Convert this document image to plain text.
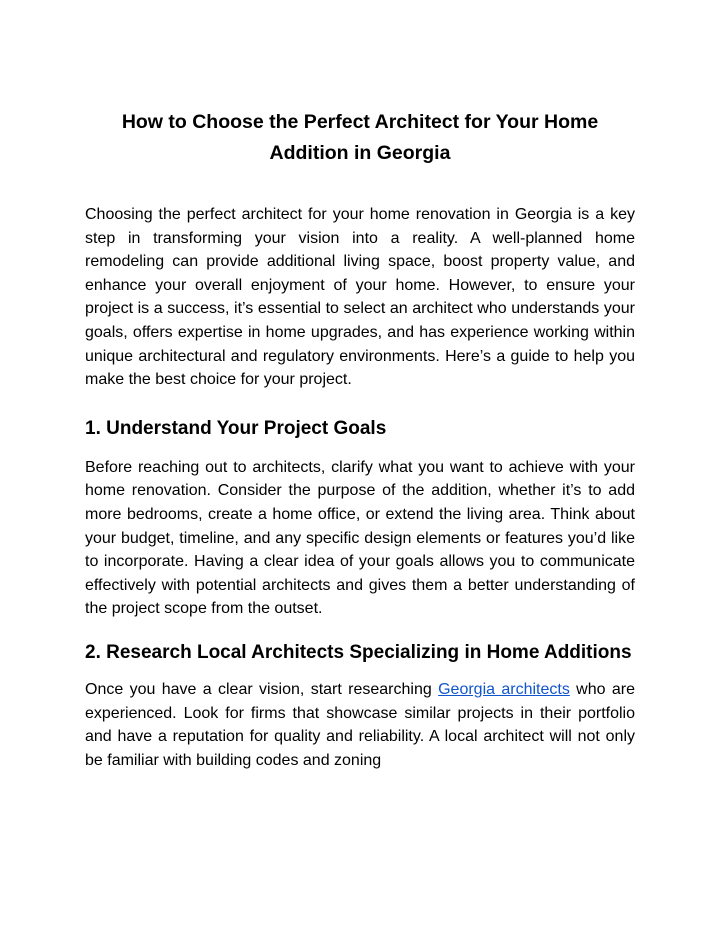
How to Choose the Perfect Architect for Your Home Addition in Georgia

Choosing the perfect architect for your home renovation in Georgia is a key step in transforming your vision into a reality. A well-planned home remodeling can provide additional living space, boost property value, and enhance your overall enjoyment of your home. However, to ensure your project is a success, it’s essential to select an architect who understands your goals, offers expertise in home upgrades, and has experience working within unique architectural and regulatory environments. Here’s a guide to help you make the best choice for your project.

1. Understand Your Project Goals

Before reaching out to architects, clarify what you want to achieve with your home renovation. Consider the purpose of the addition, whether it’s to add more bedrooms, create a home office, or extend the living area. Think about your budget, timeline, and any specific design elements or features you’d like to incorporate. Having a clear idea of your goals allows you to communicate effectively with potential architects and gives them a better understanding of the project scope from the outset.

2. Research Local Architects Specializing in Home Additions

Once you have a clear vision, start researching Georgia architects who are experienced. Look for firms that showcase similar projects in their portfolio and have a reputation for quality and reliability. A local architect will not only be familiar with building codes and zoning
